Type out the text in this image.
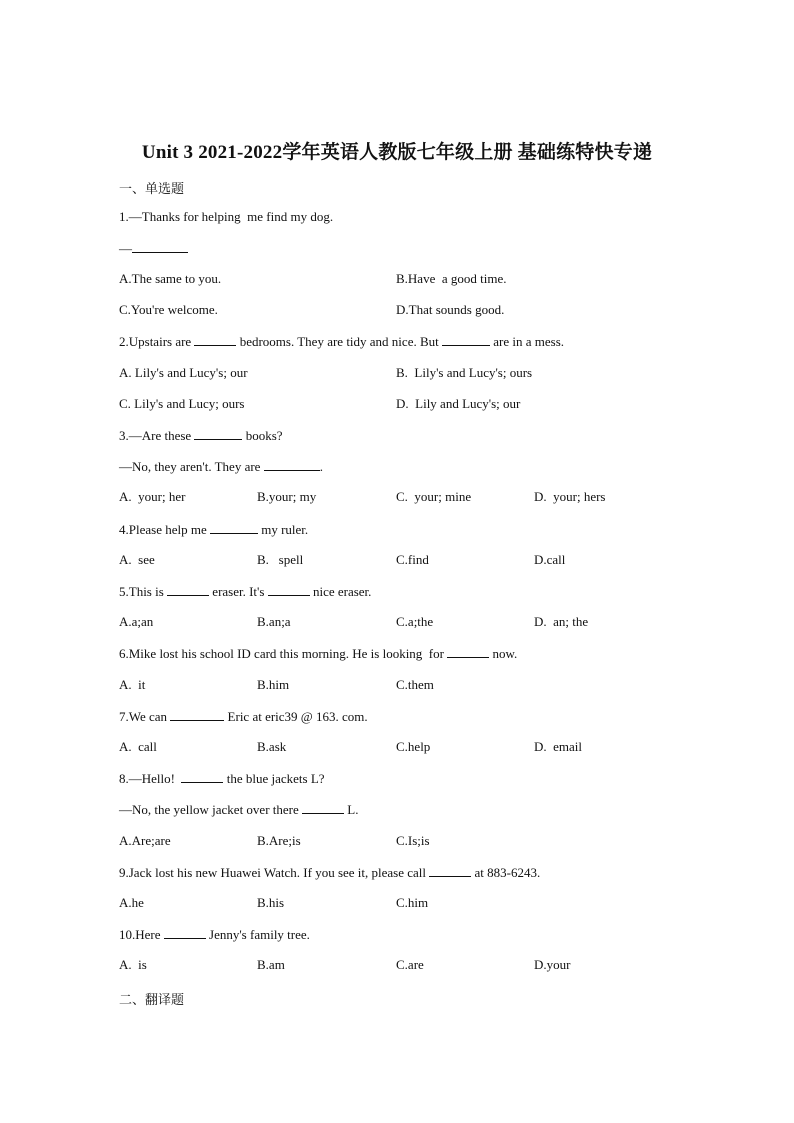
Unit 3 2021-2022学年英语人教版七年级上册 基础练特快专递
一、单选题
1.—Thanks for helping  me find my dog.
—
A.The same to you.	B.Have  a good time.
C.You're welcome.	D.That sounds good.
2.Upstairs are	bedrooms. They are tidy and nice. But	are in a mess.
A. Lily's and Lucy's; our	B.  Lily's and Lucy's; ours
C. Lily's and Lucy; ours	D.  Lily and Lucy's; our
3.—Are these	books?
—No, they aren't. They are	.
A.  your; her	B.your; my	C.  your; mine	D.  your; hers
4.Please help me	my ruler.
A.  see	B.   spell	C.find	D.call
5.This is	eraser. It's	nice eraser.
A.a;an	B.an;a	C.a;the	D.  an; the
6.Mike lost his school ID card this morning. He is looking  for	now.
A.  it	B.him	C.them
7.We can	Eric at eric39 @ 163. com.
A.  call	B.ask	C.help	D.  email
8.—Hello!	the blue jackets L?
—No, the yellow jacket over there	L.
A.Are;are	B.Are;is	C.Is;is
9.Jack lost his new Huawei Watch. If you see it, please call	at 883-6243.
A.he	B.his	C.him
10.Here	Jenny's family tree.
A.  is	B.am	C.are	D.your
二、翻译题
